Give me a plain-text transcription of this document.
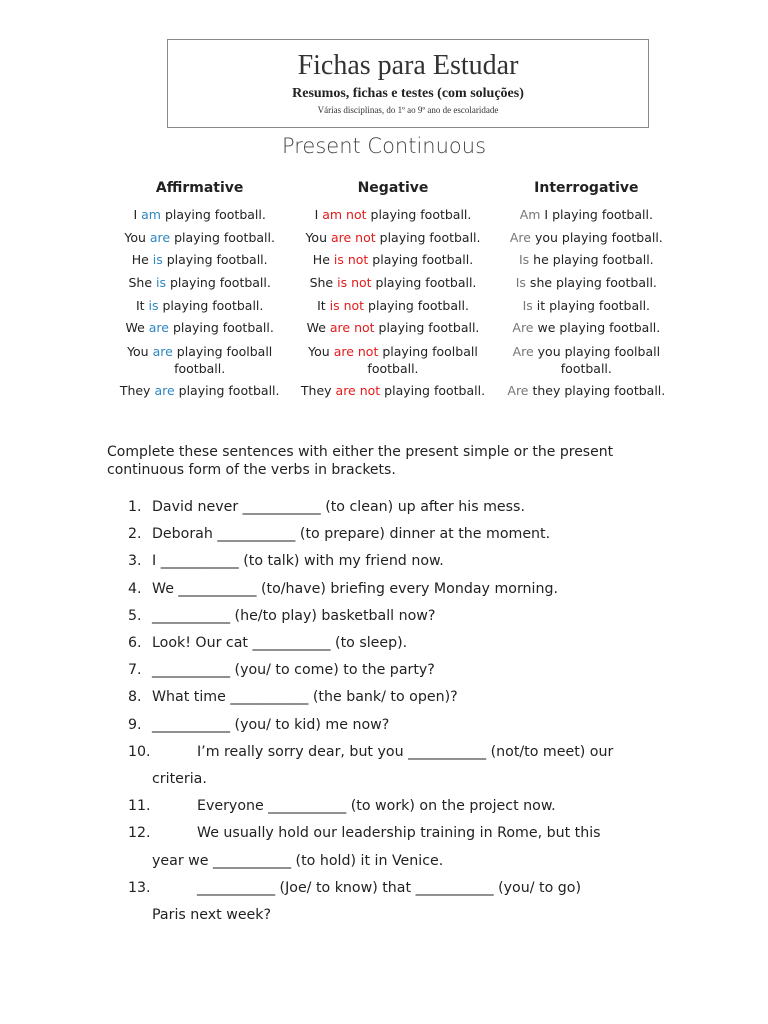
Fichas para Estudar
Resumos, fichas e testes (com soluções)
Várias disciplinas, do 1º ao 9º ano de escolaridade
Present Continuous
Affirmative	Negative	Interrogative
I am playing football.	I am not playing football.	Am I playing football.
You are playing football.	You are not playing football.	Are you playing football.
He is playing football.	He is not playing football.	Is he playing football.
She is playing football.	She is not playing football.	Is she playing football.
It is playing football.	It is not playing football.	Is it playing football.
We are playing football.	We are not playing football.	Are we playing football.
You are playing foolball football.	You are not playing foolball football.	Are you playing foolball football.
They are playing football.	They are not playing football.	Are they playing football.
Complete these sentences with either the present simple or the present continuous form of the verbs in brackets.
1. David never ___________ (to clean) up after his mess.
2. Deborah ___________ (to prepare) dinner at the moment.
3. I ___________ (to talk) with my friend now.
4. We ___________ (to/have) briefing every Monday morning.
5. ___________ (he/to play) basketball now?
6. Look! Our cat ___________ (to sleep).
7. ___________ (you/ to come) to the party?
8. What time ___________ (the bank/ to open)?
9. ___________ (you/ to kid) me now?
10.	I’m really sorry dear, but you ___________ (not/to meet) our
criteria.
11.	Everyone ___________ (to work) on the project now.
12.	We usually hold our leadership training in Rome, but this
year we ___________ (to hold) it in Venice.
13.	___________ (Joe/ to know) that ___________ (you/ to go)
Paris next week?
